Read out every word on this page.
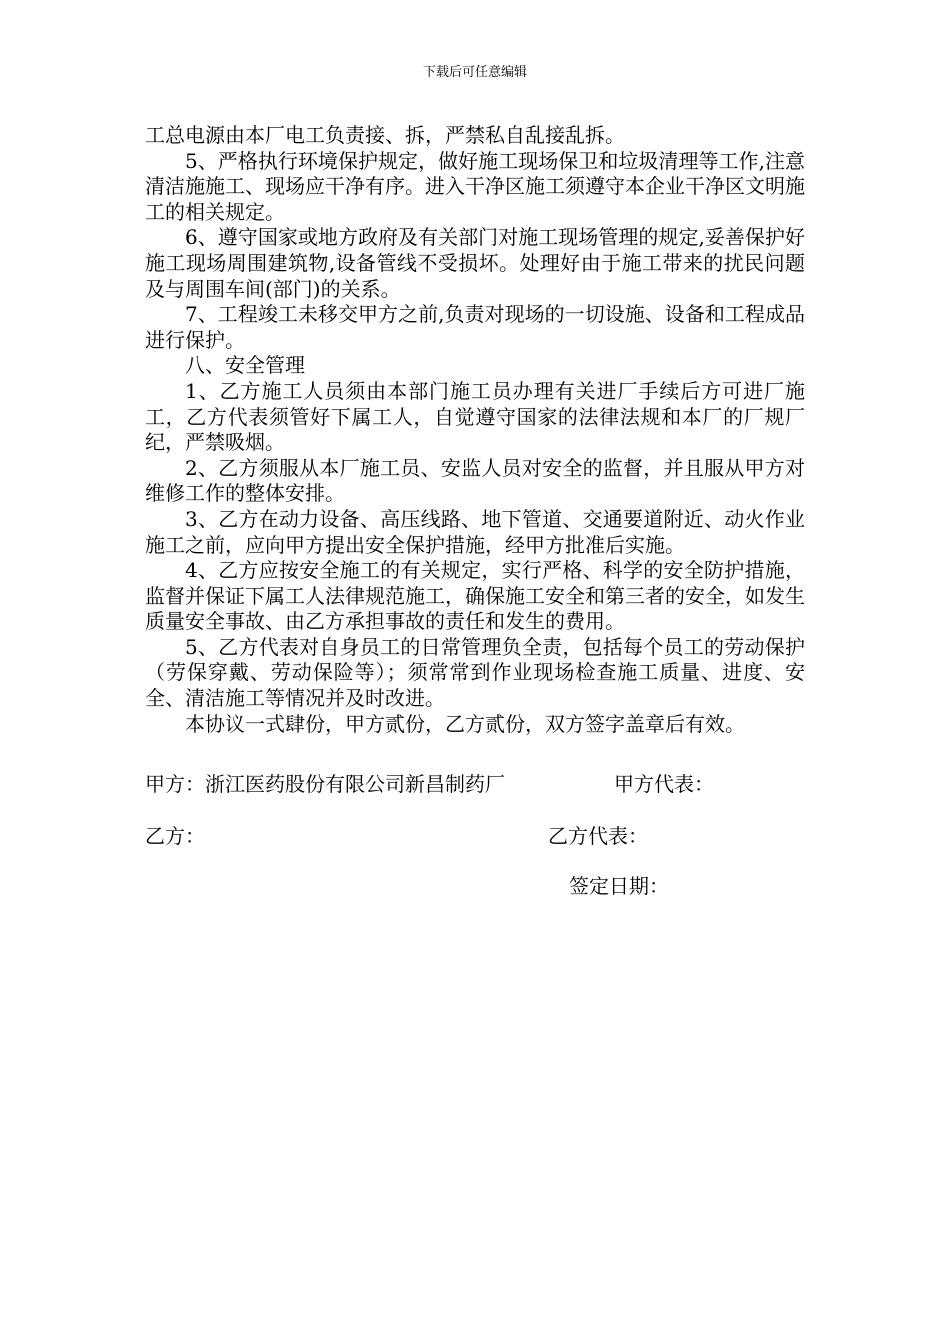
下载后可任意编辑

工总电源由本厂电工负责接、拆，严禁私自乱接乱拆。

5、严格执行环境保护规定，做好施工现场保卫和垃圾清理等工作,注意清洁施施工、现场应干净有序。进入干净区施工须遵守本企业干净区文明施工的相关规定。

6、遵守国家或地方政府及有关部门对施工现场管理的规定,妥善保护好施工现场周围建筑物,设备管线不受损坏。处理好由于施工带来的扰民问题及与周围车间(部门)的关系。

7、工程竣工未移交甲方之前,负责对现场的一切设施、设备和工程成品进行保护。

八、安全管理

1、乙方施工人员须由本部门施工员办理有关进厂手续后方可进厂施工，乙方代表须管好下属工人，自觉遵守国家的法律法规和本厂的厂规厂纪，严禁吸烟。

2、乙方须服从本厂施工员、安监人员对安全的监督，并且服从甲方对维修工作的整体安排。

3、乙方在动力设备、高压线路、地下管道、交通要道附近、动火作业施工之前，应向甲方提出安全保护措施，经甲方批准后实施。

4、乙方应按安全施工的有关规定，实行严格、科学的安全防护措施，监督并保证下属工人法律规范施工，确保施工安全和第三者的安全，如发生质量安全事故、由乙方承担事故的责任和发生的费用。

5、乙方代表对自身员工的日常管理负全责，包括每个员工的劳动保护（劳保穿戴、劳动保险等）；须常常到作业现场检查施工质量、进度、安全、清洁施工等情况并及时改进。

本协议一式肆份，甲方贰份，乙方贰份，双方签字盖章后有效。

甲方：浙江医药股份有限公司新昌制药厂	甲方代表：
乙方：	乙方代表：
签定日期：
